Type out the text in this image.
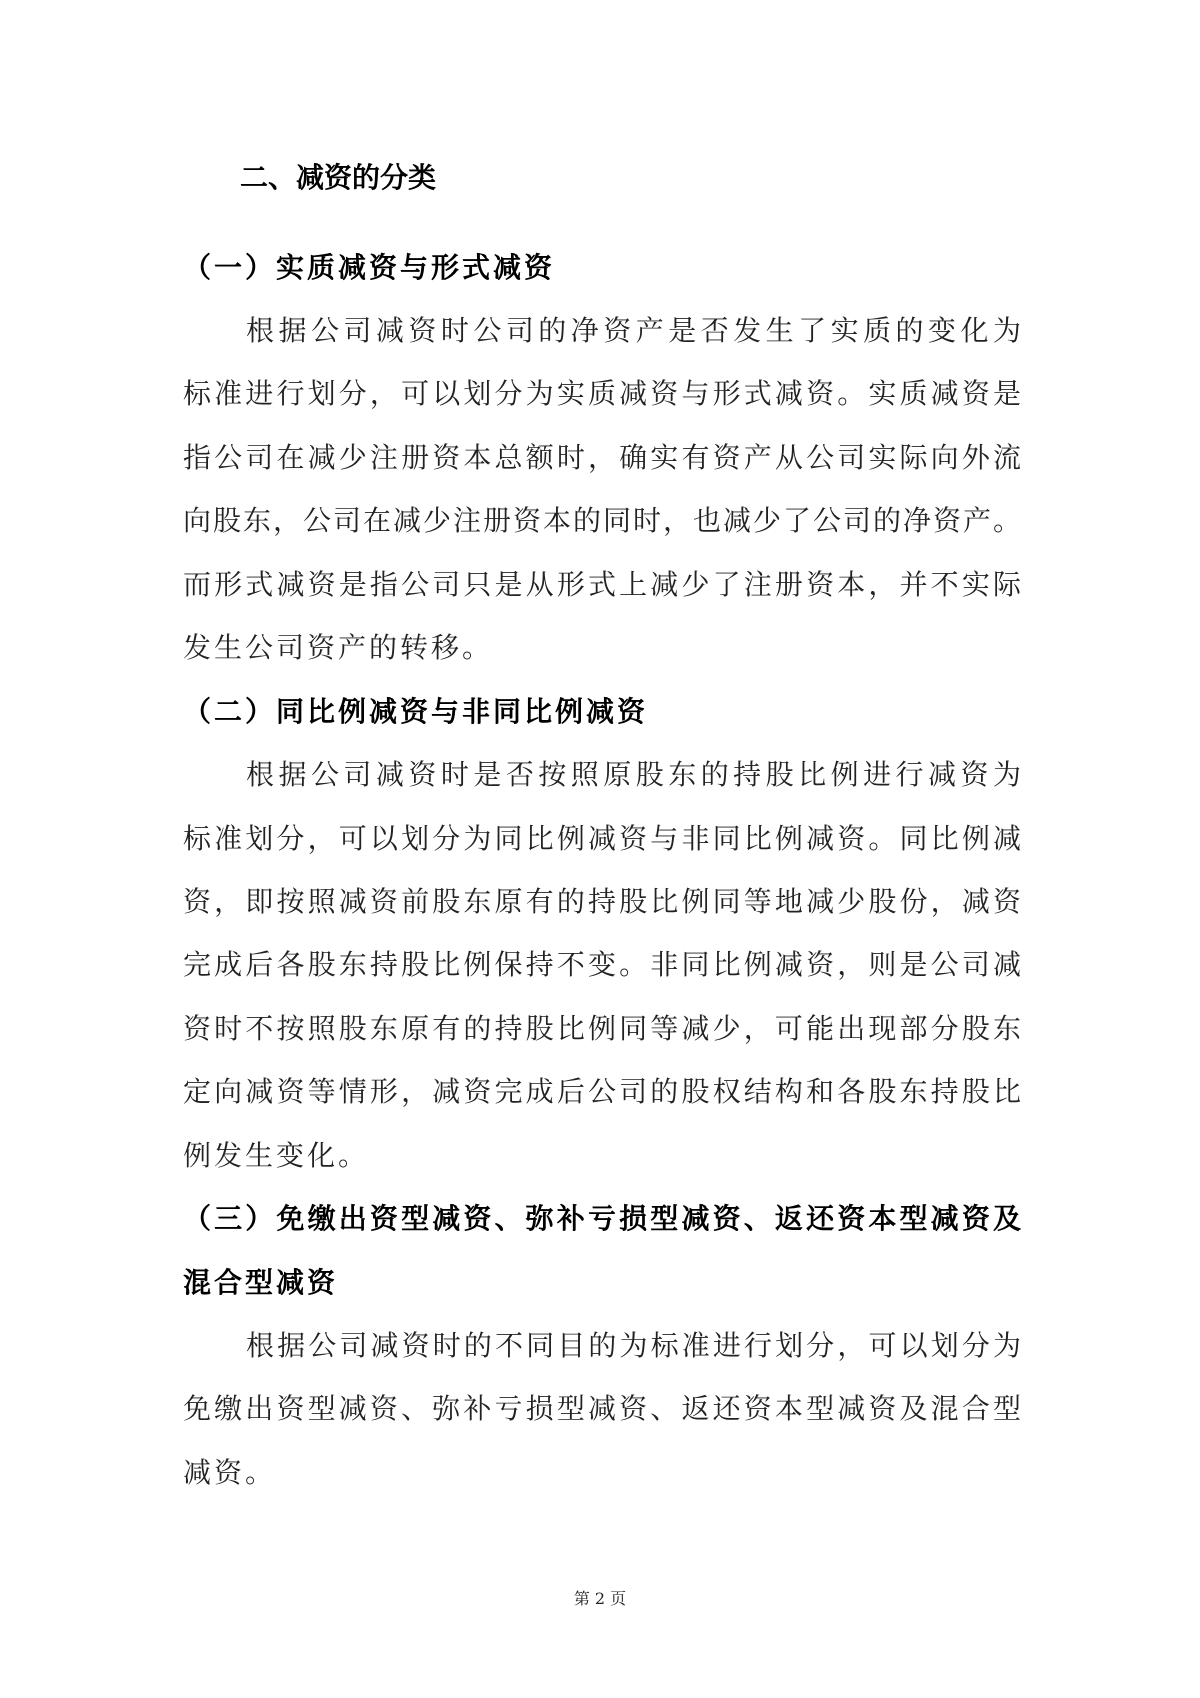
二、减资的分类
（一）实质减资与形式减资
根据公司减资时公司的净资产是否发生了实质的变化为
标准进行划分，可以划分为实质减资与形式减资。实质减资是
指公司在减少注册资本总额时，确实有资产从公司实际向外流
向股东，公司在减少注册资本的同时，也减少了公司的净资产。
而形式减资是指公司只是从形式上减少了注册资本，并不实际
发生公司资产的转移。
（二）同比例减资与非同比例减资
根据公司减资时是否按照原股东的持股比例进行减资为
标准划分，可以划分为同比例减资与非同比例减资。同比例减
资，即按照减资前股东原有的持股比例同等地减少股份，减资
完成后各股东持股比例保持不变。非同比例减资，则是公司减
资时不按照股东原有的持股比例同等减少，可能出现部分股东
定向减资等情形，减资完成后公司的股权结构和各股东持股比
例发生变化。
（三）免缴出资型减资、弥补亏损型减资、返还资本型减资及
混合型减资
根据公司减资时的不同目的为标准进行划分，可以划分为
免缴出资型减资、弥补亏损型减资、返还资本型减资及混合型
减资。
第 2 页
